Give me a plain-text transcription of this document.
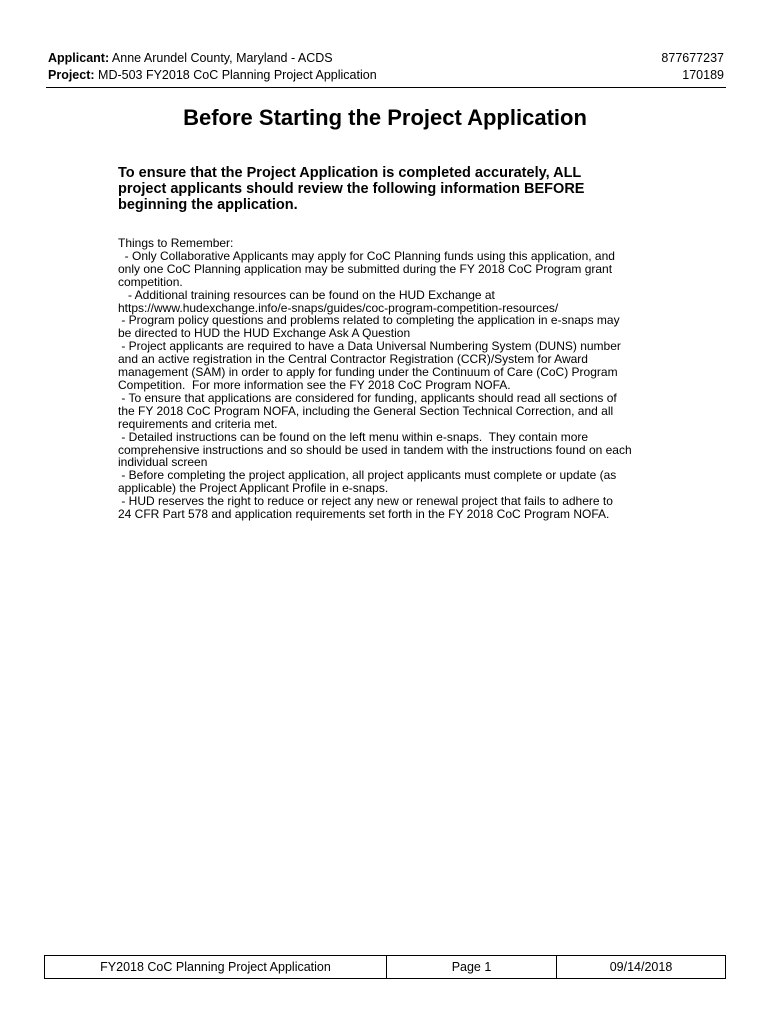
Applicant: Anne Arundel County, Maryland - ACDS	877677237
Project: MD-503 FY2018 CoC Planning Project Application	170189
Before Starting the Project Application
To ensure that the Project Application is completed accurately, ALL project applicants should review the following information BEFORE beginning the application.

Things to Remember:

- Only Collaborative Applicants may apply for CoC Planning funds using this application, and

only one CoC Planning application may be submitted during the FY 2018 CoC Program grant

competition.

- Additional training resources can be found on the HUD Exchange at

https://www.hudexchange.info/e-snaps/guides/coc-program-competition-resources/

- Program policy questions and problems related to completing the application in e-snaps may

be directed to HUD the HUD Exchange Ask A Question

- Project applicants are required to have a Data Universal Numbering System (DUNS) number

and an active registration in the Central Contractor Registration (CCR)/System for Award

management (SAM) in order to apply for funding under the Continuum of Care (CoC) Program

Competition.  For more information see the FY 2018 CoC Program NOFA.

- To ensure that applications are considered for funding, applicants should read all sections of

the FY 2018 CoC Program NOFA, including the General Section Technical Correction, and all

requirements and criteria met.

- Detailed instructions can be found on the left menu within e-snaps.  They contain more

comprehensive instructions and so should be used in tandem with the instructions found on each

individual screen

- Before completing the project application, all project applicants must complete or update (as

applicable) the Project Applicant Profile in e-snaps.

- HUD reserves the right to reduce or reject any new or renewal project that fails to adhere to

24 CFR Part 578 and application requirements set forth in the FY 2018 CoC Program NOFA.

FY2018 CoC Planning Project Application	Page 1	09/14/2018
